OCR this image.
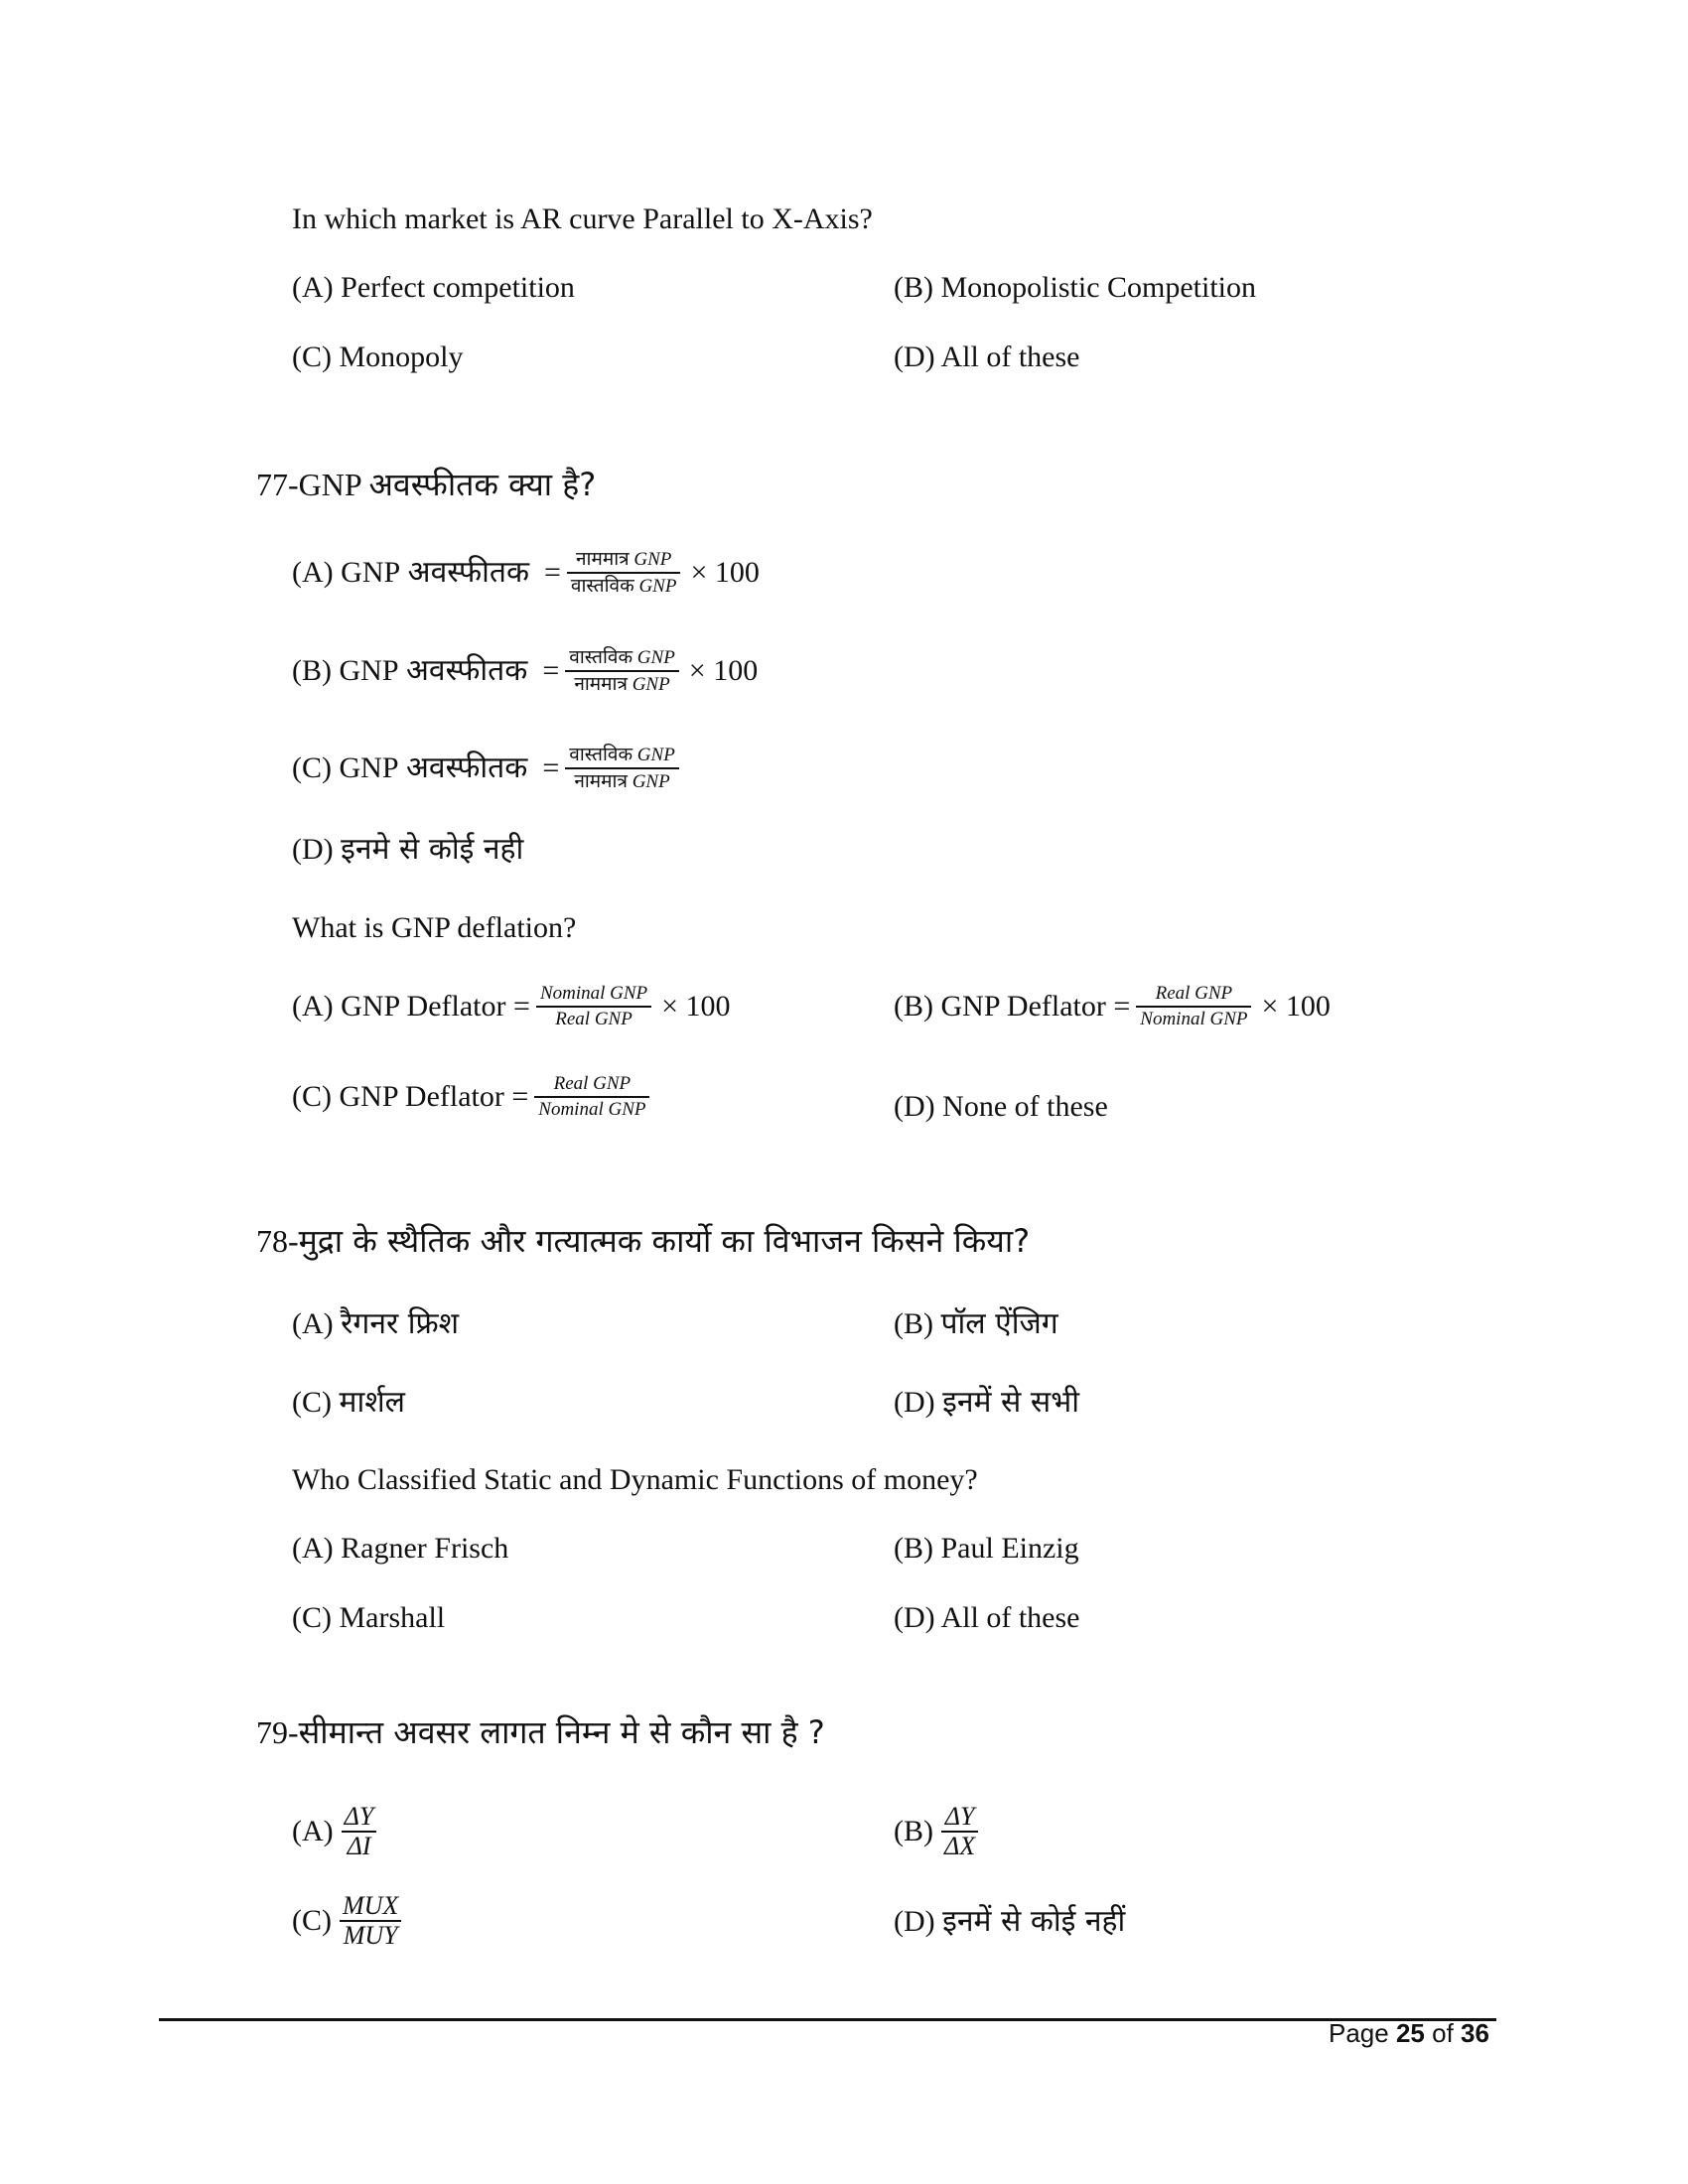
In which market is AR curve Parallel to X-Axis?
(A) Perfect competition	(B) Monopolistic Competition
(C) Monopoly	(D) All of these
77-GNP अवस्फीतक क्या है?
(A)
GNP
अवस्फीतक
= $\frac{\text{नाममात्र GNP}}{\text{वास्तविक GNP}} \times 100$
(B)
GNP
अवस्फीतक
= $\frac{\text{वास्तविक GNP}}{\text{नाममात्र GNP}} \times 100$
(C)
GNP
अवस्फीतक
= $\frac{\text{वास्तविक GNP}}{\text{नाममात्र GNP}}$
(D) इनमे से कोई नही
What is GNP deflation?
(A)
GNP Deflator = $\frac{\text{Nominal GNP}}{\text{Real GNP}} \times 100$	(B)
GNP Deflator = $\frac{\text{Real GNP}}{\text{Nominal GNP}} \times 100$
(C)
GNP Deflator = $\frac{\text{Real GNP}}{\text{Nominal GNP}}$	(D) None of these
78-मुद्रा के स्थैतिक और गत्यात्मक कार्यो का विभाजन किसने किया?
(A) रैगनर फ्रिश	(B) पॉल ऐंजिग
(C) मार्शल	(D) इनमें से सभी
Who Classified Static and Dynamic Functions of money?
(A) Ragner Frisch	(B) Paul Einzig
(C) Marshall	(D) All of these
79-सीमान्त अवसर लागत निम्न मे से कौन सा है ?
$(A) \frac{\Delta Y}{\Delta I}$	$(B) \frac{\Delta Y}{\Delta X}$
$(C) \frac{\text{MUX}}{\text{MUY}}$	(D) इनमें से कोई नहीं
Page 25 of 36
